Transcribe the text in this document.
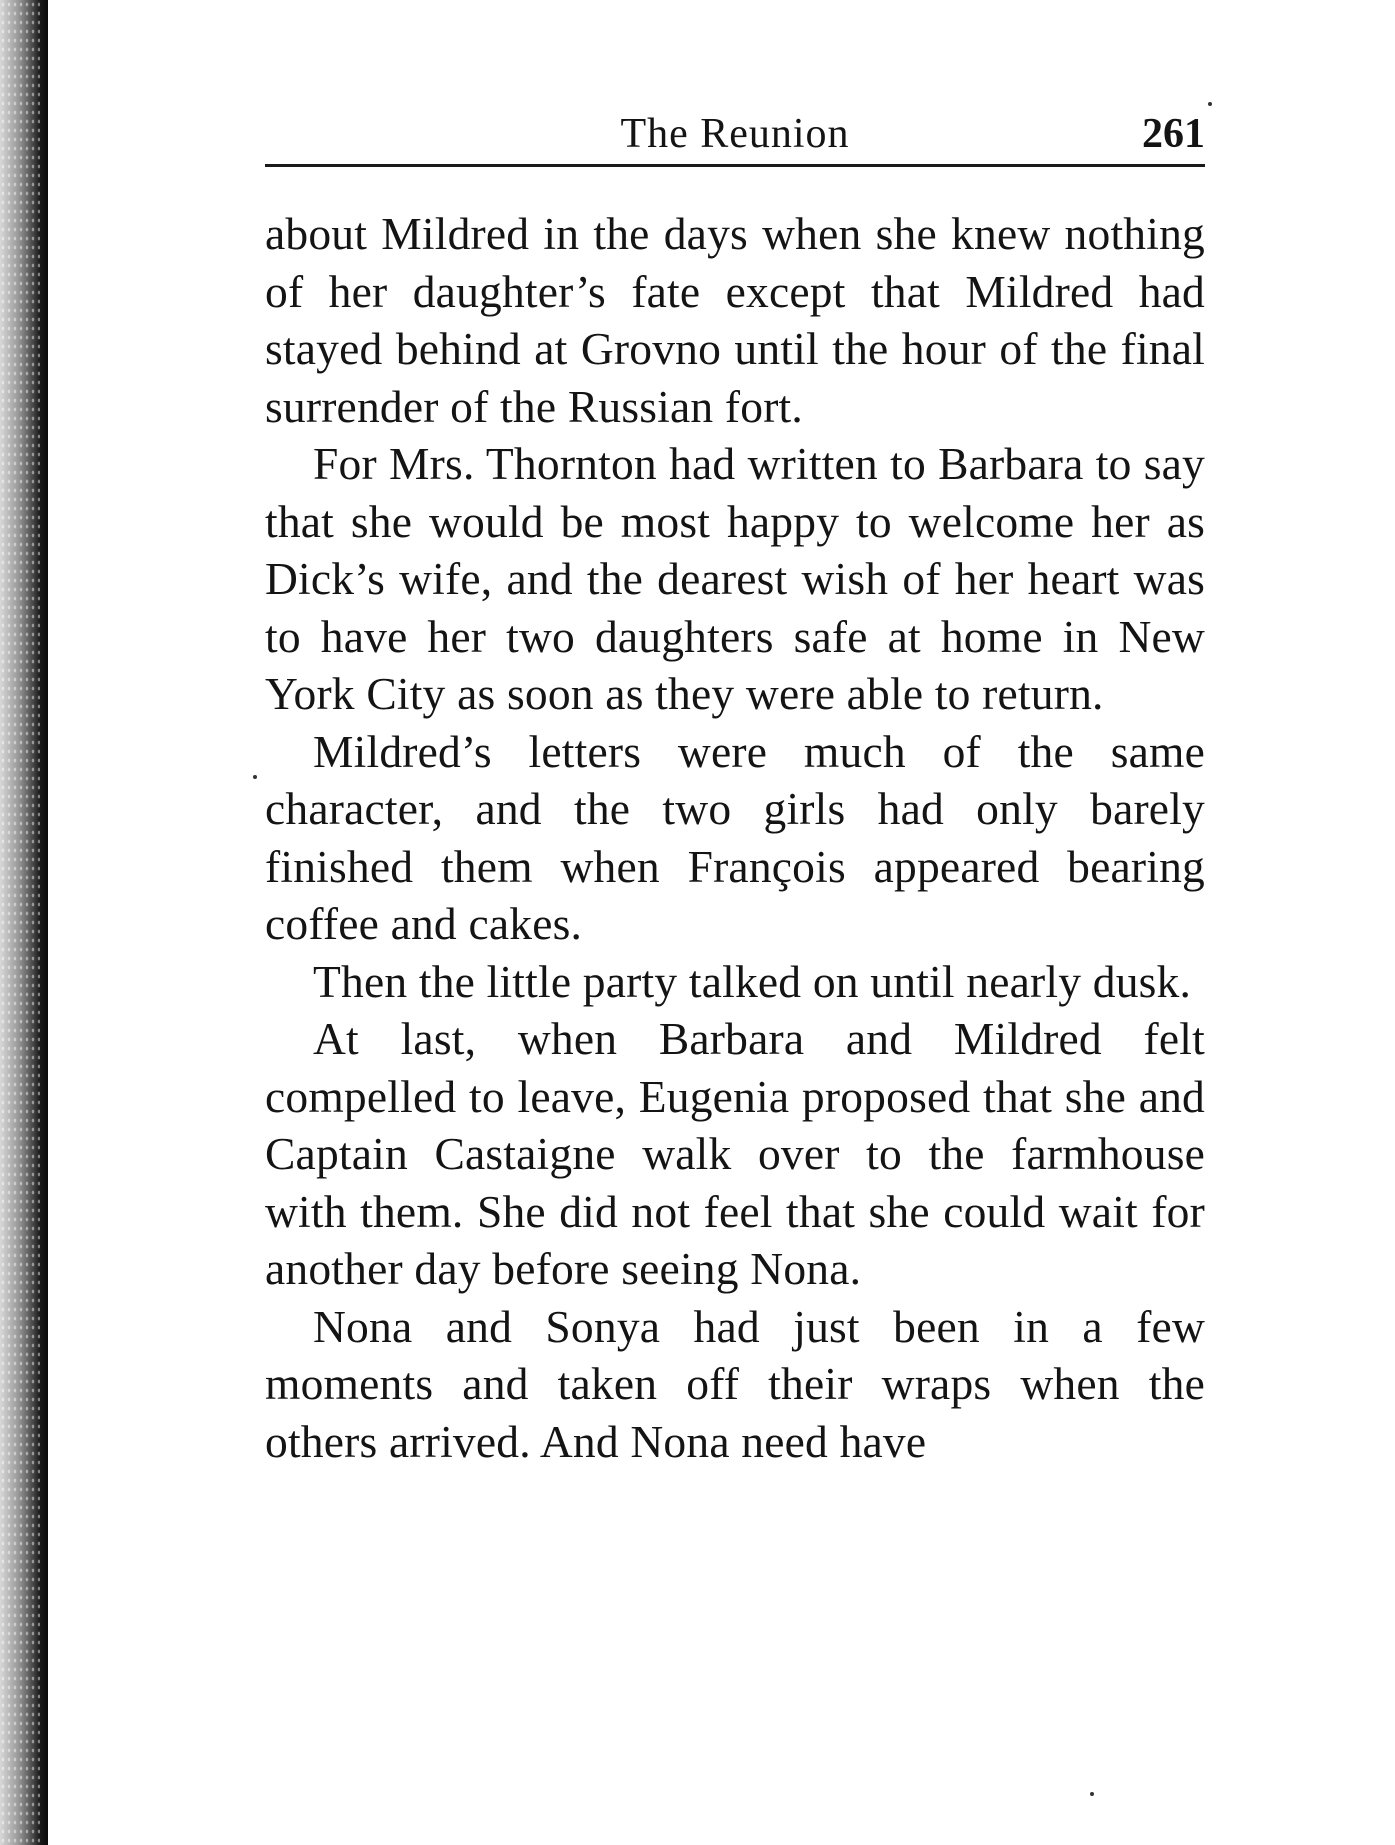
The Reunion	261

about Mildred in the days when she knew nothing of her daughter’s fate except that Mildred had stayed behind at Grovno until the hour of the final surrender of the Russian fort.

For Mrs. Thornton had written to Barbara to say that she would be most happy to welcome her as Dick’s wife, and the dearest wish of her heart was to have her two daughters safe at home in New York City as soon as they were able to return.

Mildred’s letters were much of the same character, and the two girls had only barely finished them when François appeared bearing coffee and cakes.

Then the little party talked on until nearly dusk.

At last, when Barbara and Mildred felt compelled to leave, Eugenia proposed that she and Captain Castaigne walk over to the farmhouse with them. She did not feel that she could wait for another day before seeing Nona.

Nona and Sonya had just been in a few moments and taken off their wraps when the others arrived. And Nona need have
